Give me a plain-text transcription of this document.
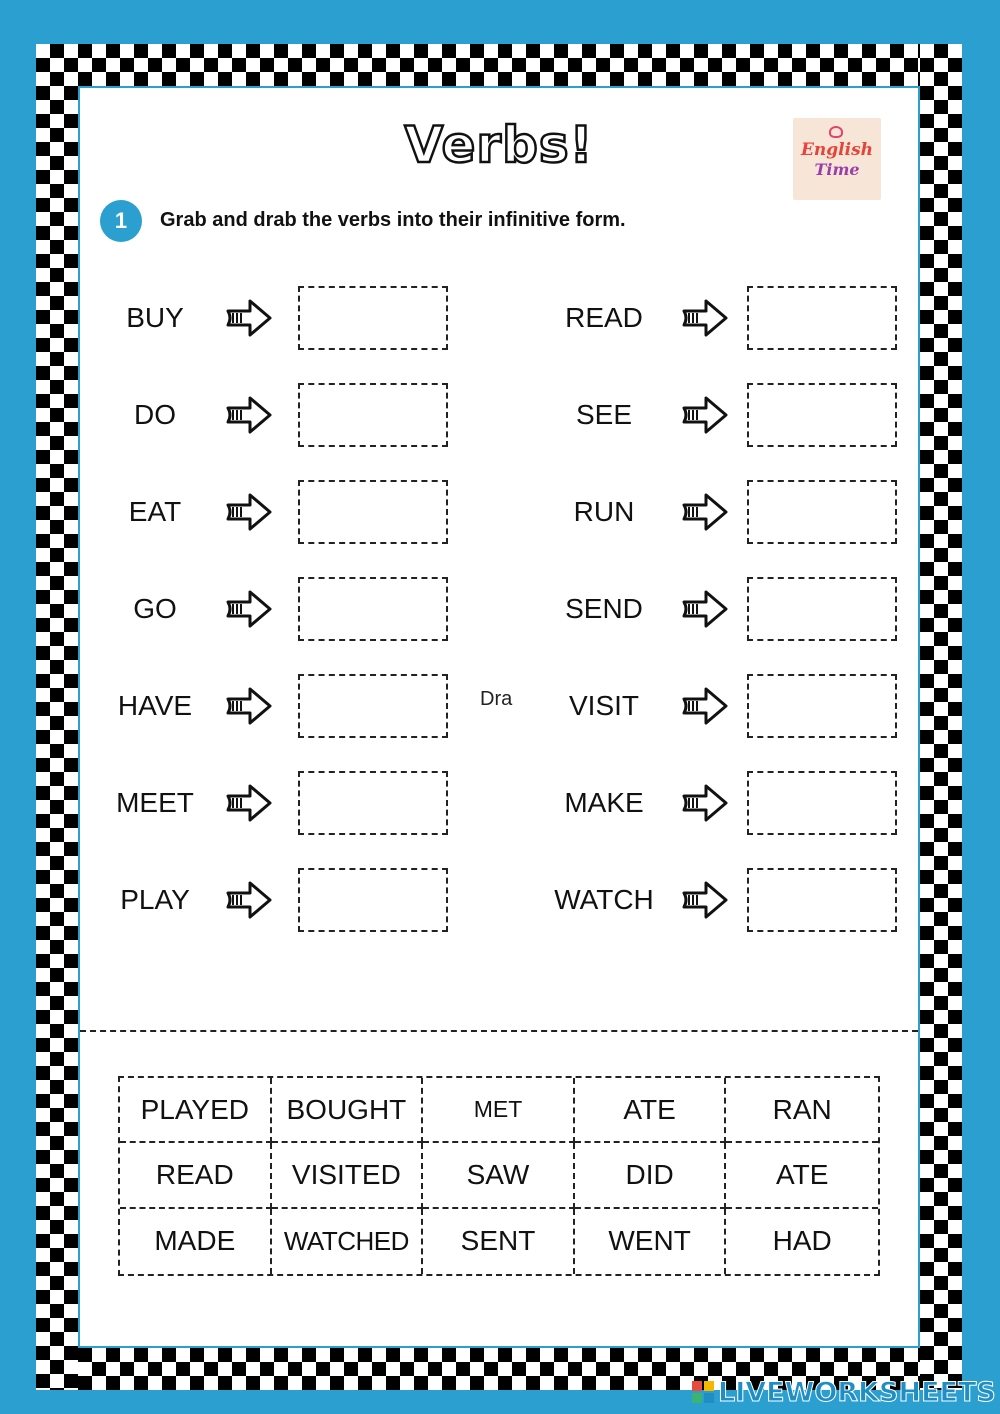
Verbs!	English
Time
1	Grab and drab the verbs into their infinitive form.
Dra
PLAYED	BOUGHT	MET	ATE	RAN
READ	VISITED	SAW	DID	ATE
MADE	WATCHED	SENT	WENT	HAD
BUY
DO
EAT
GO
HAVE
MEET
PLAY
READ
SEE
RUN
SEND
VISIT
MAKE
WATCH
LIVEWORKSHEETS
